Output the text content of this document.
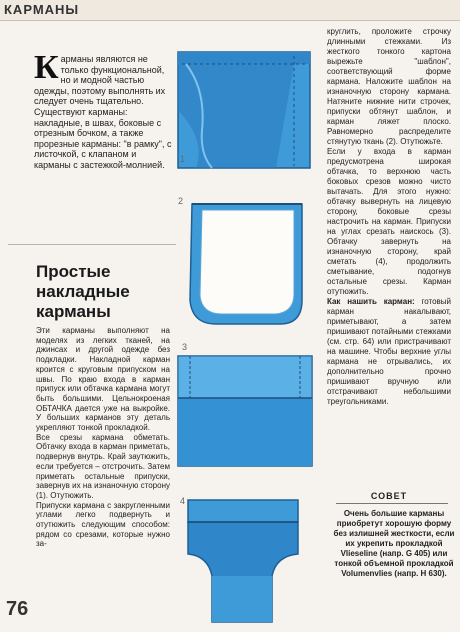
КАРМАНЫ
К арманы являются не только функциональной, но и модной частью одежды, поэтому выполнять их следует очень тщательно. Существуют карманы: накладные, в швах, боковые с отрезным бочком, а также прорезные карманы: "в рамку", с листочкой, с клапаном и карманы с застежкой-молнией.
Простые накладные карманы

Эти карманы выполняют на моделях из легких тканей, на джинсах и другой одежде без подкладки. Накладной карман кроится с круговым припуском на швы. По краю входа в карман припуск или обтачка кармана могут быть большими. Цельнокроеная ОБТАЧКА дается уже на выкройке. У больших карманов эту деталь укрепляют тонкой прокладкой.

Все срезы кармана обметать. Обтачку входа в карман приметать, подвернув внутрь. Край заутюжить, если требуется – отстрочить. Затем приметать остальные припуски, завернув их на изнаночную сторону (1). Отутюжить.

Припуски кармана с закругленными углами легко подвернуть и отутюжить следующим способом: рядом со срезами, которые нужно за-

1
2
3
4

круглить, проложите строчку длинными стежками. Из жесткого тонкого картона вырежьте "шаблон", соответствующий форме кармана. Наложите шаблон на изнаночную сторону кармана. Натяните нижние нити строчек, припуски обтянут шаблон, и карман ляжет плоско. Равномерно распределите стянутую ткань (2). Отутюжьте.

Если у входа в карман предусмотрена широкая обтачка, то верхнюю часть боковых срезов можно чисто вытачать. Для этого нужно: обтачку вывернуть на лицевую сторону, боковые срезы настрочить на карман. Припуски на углах срезать наискось (3). Обтачку завернуть на изнаночную сторону, край сметать (4), продолжить сметывание, подогнув остальные срезы. Карман отутюжить.

Как нашить карман: готовый карман накалывают, приметывают, а затем пришивают потайными стежками (см. стр. 64) или пристрачивают на машине. Чтобы верхние углы кармана не отрывались, их дополнительно прочно пришивают вручную или отстрачивают небольшими треугольниками.

СОВЕТ
Очень большие карманы приобретут хорошую форму без излишней жесткости, если их укрепить прокладкой Vlieseline (напр. G 405) или тонкой объемной прокладкой Volumenvlies (напр. H 630).
76
